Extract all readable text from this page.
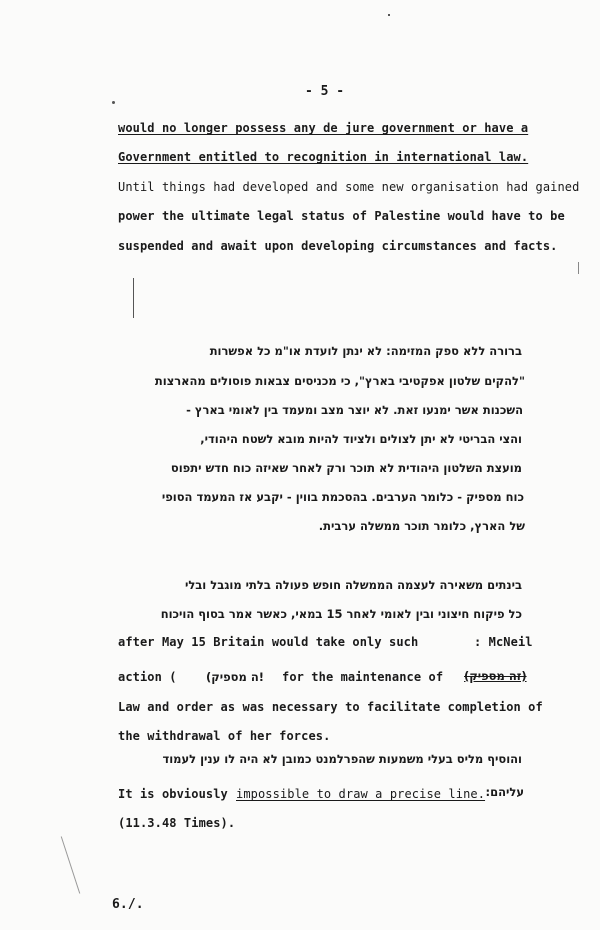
- 5 -
would no longer possess any de jure government or have a
Government entitled to recognition in international law.
Until things had developed and some new organisation had gained
power the ultimate legal status of Palestine would have to be
suspended and await upon developing circumstances and facts.
ברורה ללא ספק המזימה: לא ינתן לועדת או"מ כל אפשרות
"להקים שלטון אפקטיבי בארץ", כי מכניסים צבאות פוסולים מהארצות
השכנות אשר ימנעו זאת. לא יוצר מצב ומעמד בין לאומי בארץ -
והצי הבריטי לא יתן לצולים ולציוד להיות מובא לשטח היהודי,
מועצת השלטון היהודית לא תוכר ורק לאחר שאיזה כוח חדש יתפוס
כוח מספיק - כלומר הערבים. בהסכמת בווין - יקבע אז המעמד הסופי
של הארץ, כלומר תוכר ממשלה ערבית.
בינתים משאירה לעצמה הממשלה חופש פעולה בלתי מוגבל ובלי
כל פיקוח חיצוני ובין לאומי לאחר 15 במאי, כאשר אמר בסוף הויכוח
after May 15 Britain would take only such	: McNeil
action (	!ה מספיק) for the maintenance of (זה מספיק)
Law and order as was necessary to facilitate completion of
the withdrawal of her forces.
והוסיף מליס בעלי משמעות שהפרלמנט כמובן לא היה לו ענין לעמוד
It is obviously impossible to draw a precise line. עליהם:
(11.3.48 Times).
6./.
